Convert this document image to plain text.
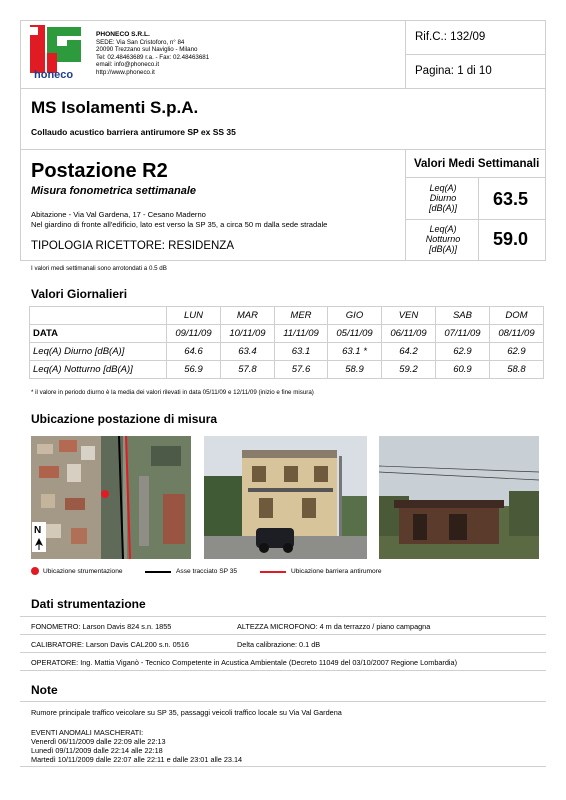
honeco
PHONECO S.R.L.
SEDE: Via San Cristoforo, n° 84
20090 Trezzano sul Naviglio - Milano
Tel: 02.48463689 r.a. - Fax: 02.48463681
email: info@phoneco.it
http://www.phoneco.it
Rif.C.: 132/09
Pagina: 1 di 10
MS Isolamenti S.p.A.
Collaudo acustico barriera antirumore SP ex SS 35
Postazione R2
Misura fonometrica settimanale
Abitazione - Via Val Gardena, 17 - Cesano Maderno
Nel giardino di fronte all'edificio, lato est verso la SP 35, a circa 50 m dalla sede stradale
TIPOLOGIA RICETTORE: RESIDENZA
Valori Medi Settimanali
Leq(A)
Diurno
[dB(A)]	63.5
Leq(A)
Notturno
[dB(A)]	59.0
I valori medi settimanali sono arrotondati a 0.5 dB
Valori Giornalieri
	LUN	MAR	MER	GIO	VEN	SAB	DOM
DATA	09/11/09	10/11/09	11/11/09	05/11/09	06/11/09	07/11/09	08/11/09
Leq(A) Diurno [dB(A)]	64.6	63.4	63.1	63.1 *	64.2	62.9	62.9
Leq(A) Notturno [dB(A)]	56.9	57.8	57.6	58.9	59.2	60.9	58.8
* il valore in periodo diurno è la media dei valori rilevati in data 05/11/09 e 12/11/09 (inizio e fine misura)
Ubicazione postazione di misura
N
Ubicazione strumentazione	Asse tracciato SP 35	Ubicazione barriera antirumore
Dati strumentazione
FONOMETRO: Larson Davis 824 s.n. 1855	ALTEZZA MICROFONO: 4 m da terrazzo / piano campagna
CALIBRATORE: Larson Davis CAL200 s.n. 0516	Delta calibrazione: 0.1 dB
OPERATORE: Ing. Mattia Viganò - Tecnico Competente in Acustica Ambientale (Decreto 11049 del 03/10/2007 Regione Lombardia)
Note
Rumore principale traffico veicolare su SP 35, passaggi veicoli traffico locale su Via Val Gardena
EVENTI ANOMALI MASCHERATI:
Venerdì 06/11/2009 dalle 22:09 alle 22:13
Lunedì 09/11/2009 dalle 22:14 alle 22:18
Martedì 10/11/2009 dalle 22:07 alle 22:11 e dalle 23:01 alle 23.14
